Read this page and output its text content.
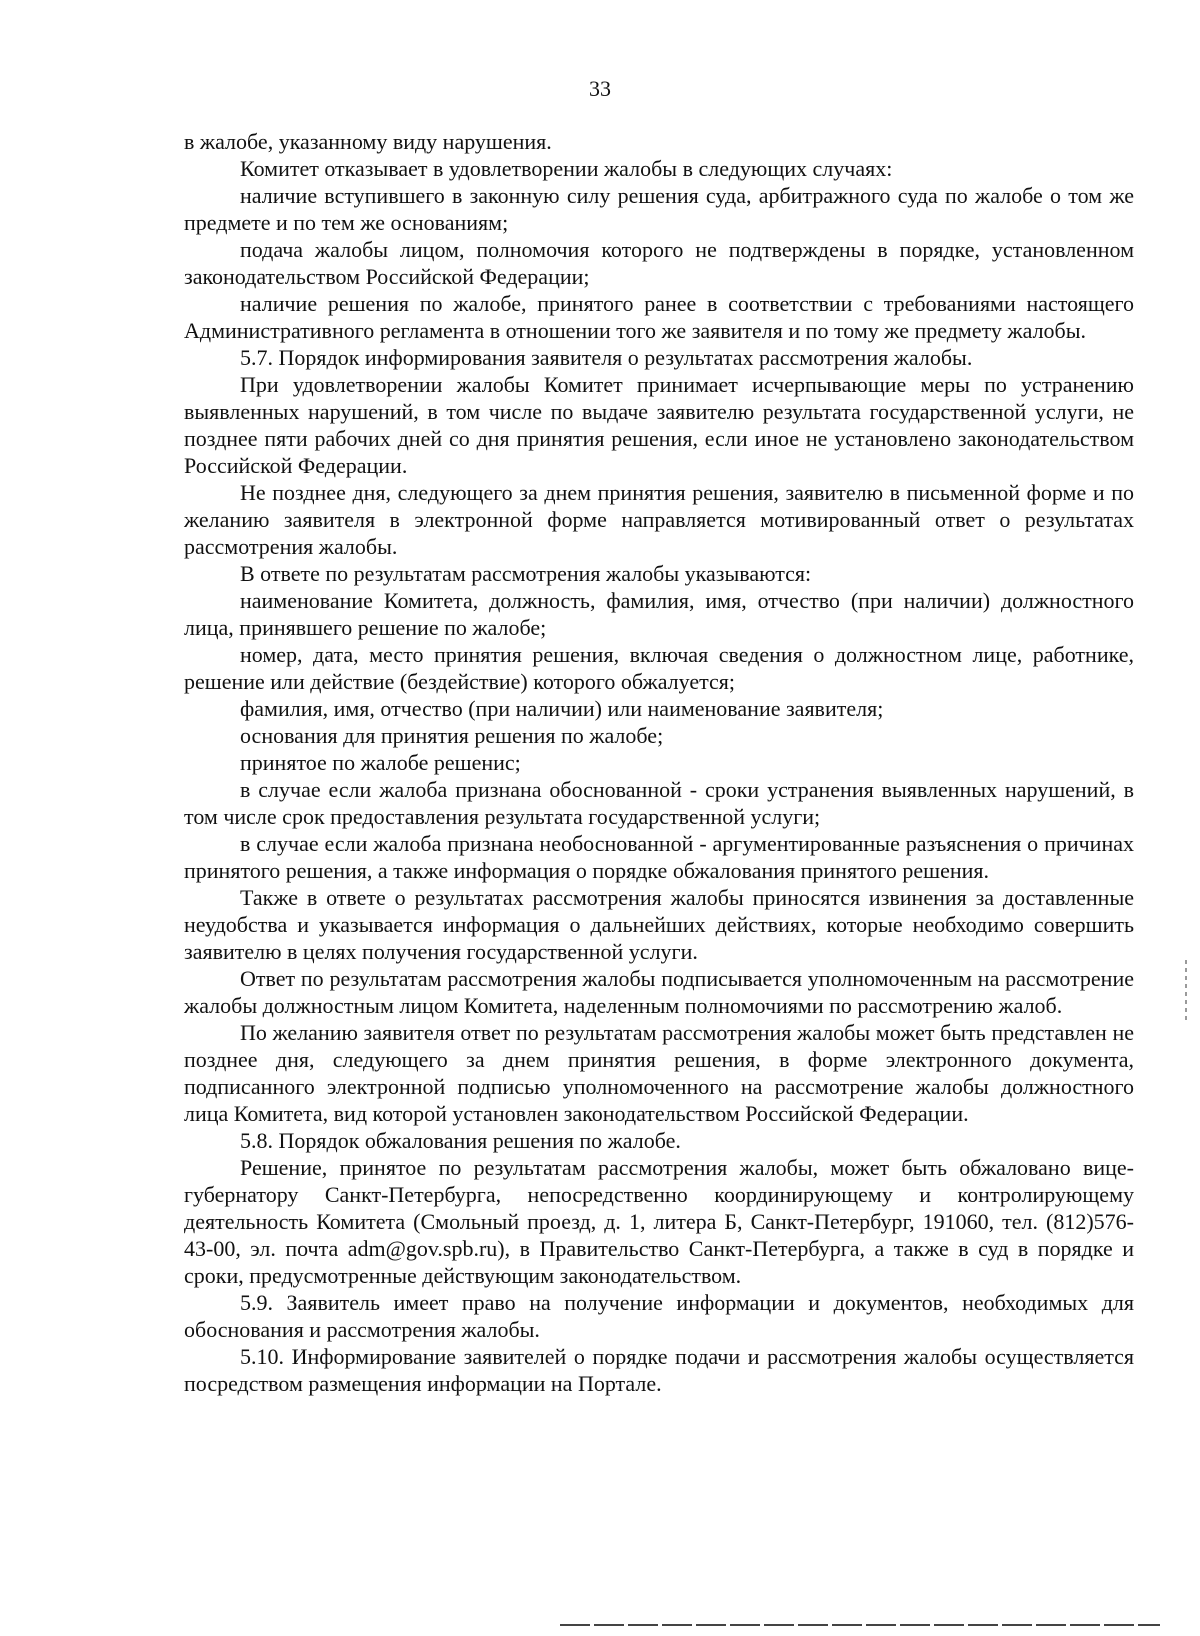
33

в жалобе, указанному виду нарушения.

Комитет отказывает в удовлетворении жалобы в следующих случаях:

наличие вступившего в законную силу решения суда, арбитражного суда по жалобе о том же предмете и по тем же основаниям;

подача жалобы лицом, полномочия которого не подтверждены в порядке, установленном законодательством Российской Федерации;

наличие решения по жалобе, принятого ранее в соответствии с требованиями настоящего Административного регламента в отношении того же заявителя и по тому же предмету жалобы.

5.7. Порядок информирования заявителя о результатах рассмотрения жалобы.

При удовлетворении жалобы Комитет принимает исчерпывающие меры по устранению выявленных нарушений, в том числе по выдаче заявителю результата государственной услуги, не позднее пяти рабочих дней со дня принятия решения, если иное не установлено законодательством Российской Федерации.

Не позднее дня, следующего за днем принятия решения, заявителю в письменной форме и по желанию заявителя в электронной форме направляется мотивированный ответ о результатах рассмотрения жалобы.

В ответе по результатам рассмотрения жалобы указываются:

наименование Комитета, должность, фамилия, имя, отчество (при наличии) должностного лица, принявшего решение по жалобе;

номер, дата, место принятия решения, включая сведения о должностном лице, работнике, решение или действие (бездействие) которого обжалуется;

фамилия, имя, отчество (при наличии) или наименование заявителя;

основания для принятия решения по жалобе;

принятое по жалобе решенис;

в случае если жалоба признана обоснованной - сроки устранения выявленных нарушений, в том числе срок предоставления результата государственной услуги;

в случае если жалоба признана необоснованной - аргументированные разъяснения о причинах принятого решения, а также информация о порядке обжалования принятого решения.

Также в ответе о результатах рассмотрения жалобы приносятся извинения за доставленные неудобства и указывается информация о дальнейших действиях, которые необходимо совершить заявителю в целях получения государственной услуги.

Ответ по результатам рассмотрения жалобы подписывается уполномоченным на рассмотрение жалобы должностным лицом Комитета, наделенным полномочиями по рассмотрению жалоб.

По желанию заявителя ответ по результатам рассмотрения жалобы может быть представлен не позднее дня, следующего за днем принятия решения, в форме электронного документа, подписанного электронной подписью уполномоченного на рассмотрение жалобы должностного лица Комитета, вид которой установлен законодательством Российской Федерации.

5.8. Порядок обжалования решения по жалобе.

Решение, принятое по результатам рассмотрения жалобы, может быть обжаловано вице-губернатору Санкт-Петербурга, непосредственно координирующему и контролирующему деятельность Комитета (Смольный проезд, д. 1, литера Б, Санкт-Петербург, 191060, тел. (812)576-43-00, эл. почта adm@gov.spb.ru), в Правительство Санкт-Петербурга, а также в суд в порядке и сроки, предусмотренные действующим законодательством.

5.9. Заявитель имеет право на получение информации и документов, необходимых для обоснования и рассмотрения жалобы.

5.10. Информирование заявителей о порядке подачи и рассмотрения жалобы осуществляется посредством размещения информации на Портале.
